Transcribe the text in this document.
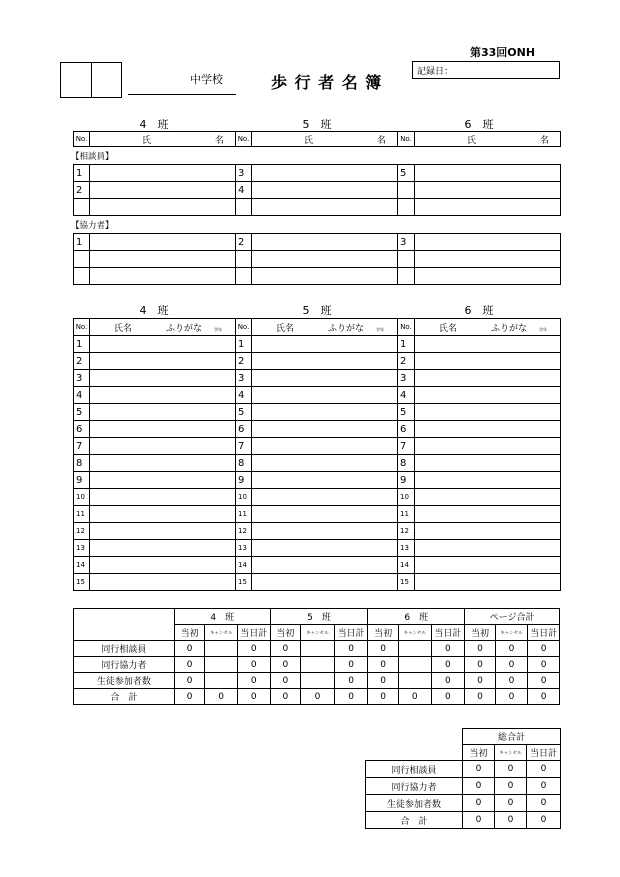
第33回ONH
記録日：
中学校	歩 行 者 名 簿
4　班	5　班	6　班
No.	氏	名	No.	氏	名	No.	氏	名
【相談員】
1		3		5	
2		4			

【協力者】
1		2		3	

4　班	5　班	6　班
No.	氏名 ふりがな 学年	No.	氏名 ふりがな 学年	No.	氏名 ふりがな 学年
1		1		1	
2		2		2	
3		3		3	
4		4		4	
5		5		5	
6		6		6	
7		7		7	
8		8		8	
9		9		9	
10		10		10	
11		11		11	
12		12		12	
13		13		13	
14		14		14	
15		15		15	
	4　班			5　班			6　班			ページ合計		
	当初	キャンセル	当日計	当初	キャンセル	当日計	当初	キャンセル	当日計	当初	キャンセル	当日計
同行相談員	0		0	0		0	0		0	0	0	0
同行協力者	0		0	0		0	0		0	0	0	0
生徒参加者数	0		0	0		0	0		0	0	0	0
合　計	0	0	0	0	0	0	0	0	0	0	0	0
	総合計		
	当初	キャンセル	当日計
同行相談員	0	0	0
同行協力者	0	0	0
生徒参加者数	0	0	0
合　計	0	0	0
